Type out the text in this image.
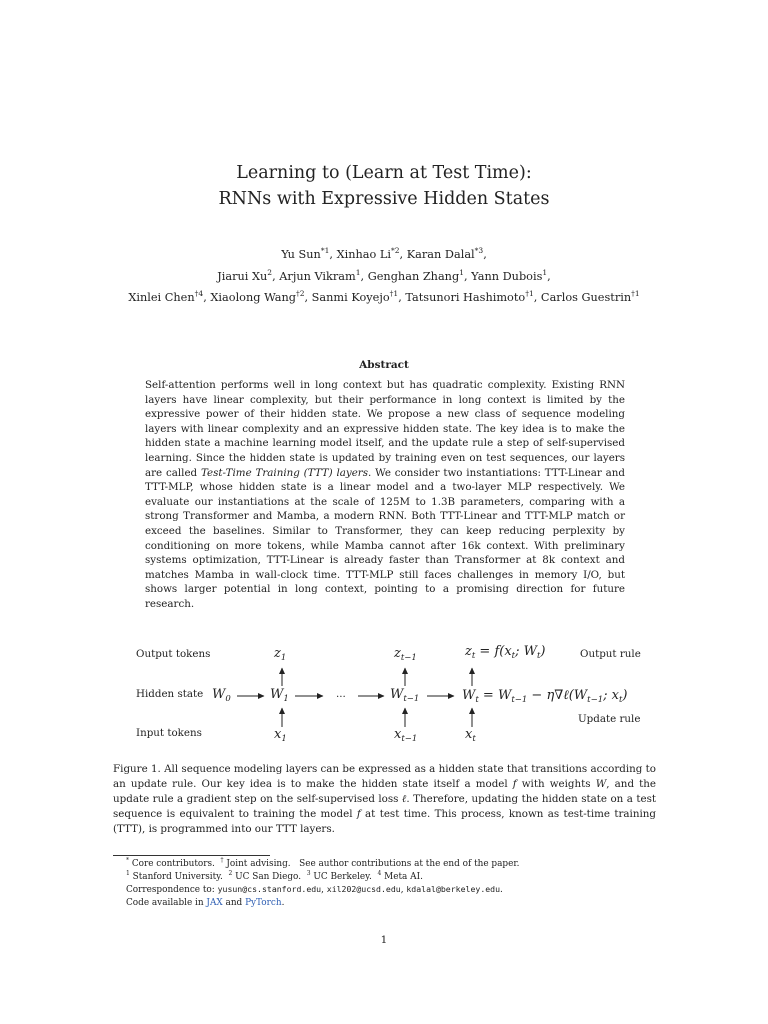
Learning to (Learn at Test Time):
RNNs with Expressive Hidden States
Yu Sun$^{*1}$, Xinhao Li$^{*2}$, Karan Dalal$^{*3}$,
Jiarui Xu$^2$, Arjun Vikram$^1$, Genghan Zhang$^1$, Yann Dubois$^1$,
Xinlei Chen$^{\dagger 4}$, Xiaolong Wang$^{\dagger 2}$, Sanmi Koyejo$^{\dagger 1}$, Tatsunori Hashimoto$^{\dagger 1}$, Carlos Guestrin$^{\dagger 1}$
Abstract
Self-attention performs well in long context but has quadratic complexity. Existing RNN layers have linear complexity, but their performance in long context is limited by the expressive power of their hidden state. We propose a new class of sequence modeling layers with linear complexity and an expressive hidden state. The key idea is to make the hidden state a machine learning model itself, and the update rule a step of self-supervised learning. Since the hidden state is updated by training even on test sequences, our layers are called Test-Time Training (TTT) layers. We consider two instantiations: TTT-Linear and TTT-MLP, whose hidden state is a linear model and a two-layer MLP respectively. We evaluate our instantiations at the scale of 125M to 1.3B parameters, comparing with a strong Transformer and Mamba, a modern RNN. Both TTT-Linear and TTT-MLP match or exceed the baselines. Similar to Transformer, they can keep reducing perplexity by conditioning on more tokens, while Mamba cannot after 16k context. With preliminary systems optimization, TTT-Linear is already faster than Transformer at 8k context and matches Mamba in wall-clock time. TTT-MLP still faces challenges in memory I/O, but shows larger potential in long context, pointing to a promising direction for future research.
Output tokens
Hidden state
Input tokens
Output rule
Update rule
$z_1$	$z_{t-1}$	$z_t = f(x_t$; $W_t$)
$W_0$	$W_1$	...	$W_{t-1}$	$W_t = W_{t-1}$ − $\eta\nabla\ell(W_{t-1}$; $x_t$)
$x_1$	$x_{t-1}$	$x_t$
Figure 1. All sequence modeling layers can be expressed as a hidden state that transitions according to an update rule. Our key idea is to make the hidden state itself a model f with weights W, and the update rule a gradient step on the self-supervised loss ℓ. Therefore, updating the hidden state on a test sequence is equivalent to training the model f at test time. This process, known as test-time training (TTT), is programmed into our TTT layers.
* Core contributors. † Joint advising. See author contributions at the end of the paper.
$^1$ Stanford University. $^2$ UC San Diego. $^3$ UC Berkeley. $^4$ Meta AI.
Correspondence to: yusun@cs.stanford.edu, xil202@ucsd.edu, kdalal@berkeley.edu.
Code available in JAX and PyTorch.
1
